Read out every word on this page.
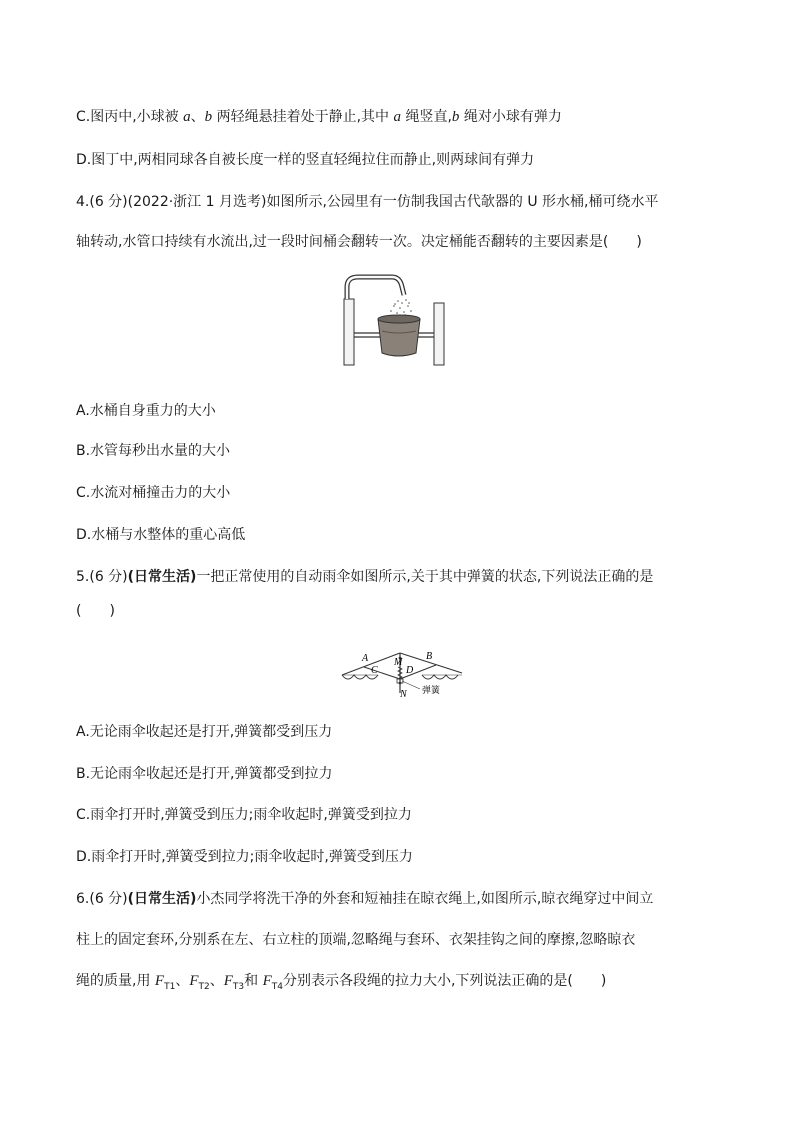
C.图丙中,小球被 a、b 两轻绳悬挂着处于静止,其中 a 绳竖直,b 绳对小球有弹力
D.图丁中,两相同球各自被长度一样的竖直轻绳拉住而静止,则两球间有弹力
4.(6 分)(2022·浙江 1 月选考)如图所示,公园里有一仿制我国古代欹器的 U 形水桶,桶可绕水平
轴转动,水管口持续有水流出,过一段时间桶会翻转一次。决定桶能否翻转的主要因素是(　　)
A.水桶自身重力的大小
B.水管每秒出水量的大小
C.水流对桶撞击力的大小
D.水桶与水整体的重心高低
5.(6 分)(日常生活)一把正常使用的自动雨伞如图所示,关于其中弹簧的状态,下列说法正确的是
(　　)
A	B
M
C	D
N 弹簧
A.无论雨伞收起还是打开,弹簧都受到压力
B.无论雨伞收起还是打开,弹簧都受到拉力
C.雨伞打开时,弹簧受到压力;雨伞收起时,弹簧受到拉力
D.雨伞打开时,弹簧受到拉力;雨伞收起时,弹簧受到压力
6.(6 分)(日常生活)小杰同学将洗干净的外套和短袖挂在晾衣绳上,如图所示,晾衣绳穿过中间立
柱上的固定套环,分别系在左、右立柱的顶端,忽略绳与套环、衣架挂钩之间的摩擦,忽略晾衣
绳的质量,用 $F_{T1}$、$F_{T2}$、$F_{T3}$和 $F_{T4}$分别表示各段绳的拉力大小,下列说法正确的是(　　)
